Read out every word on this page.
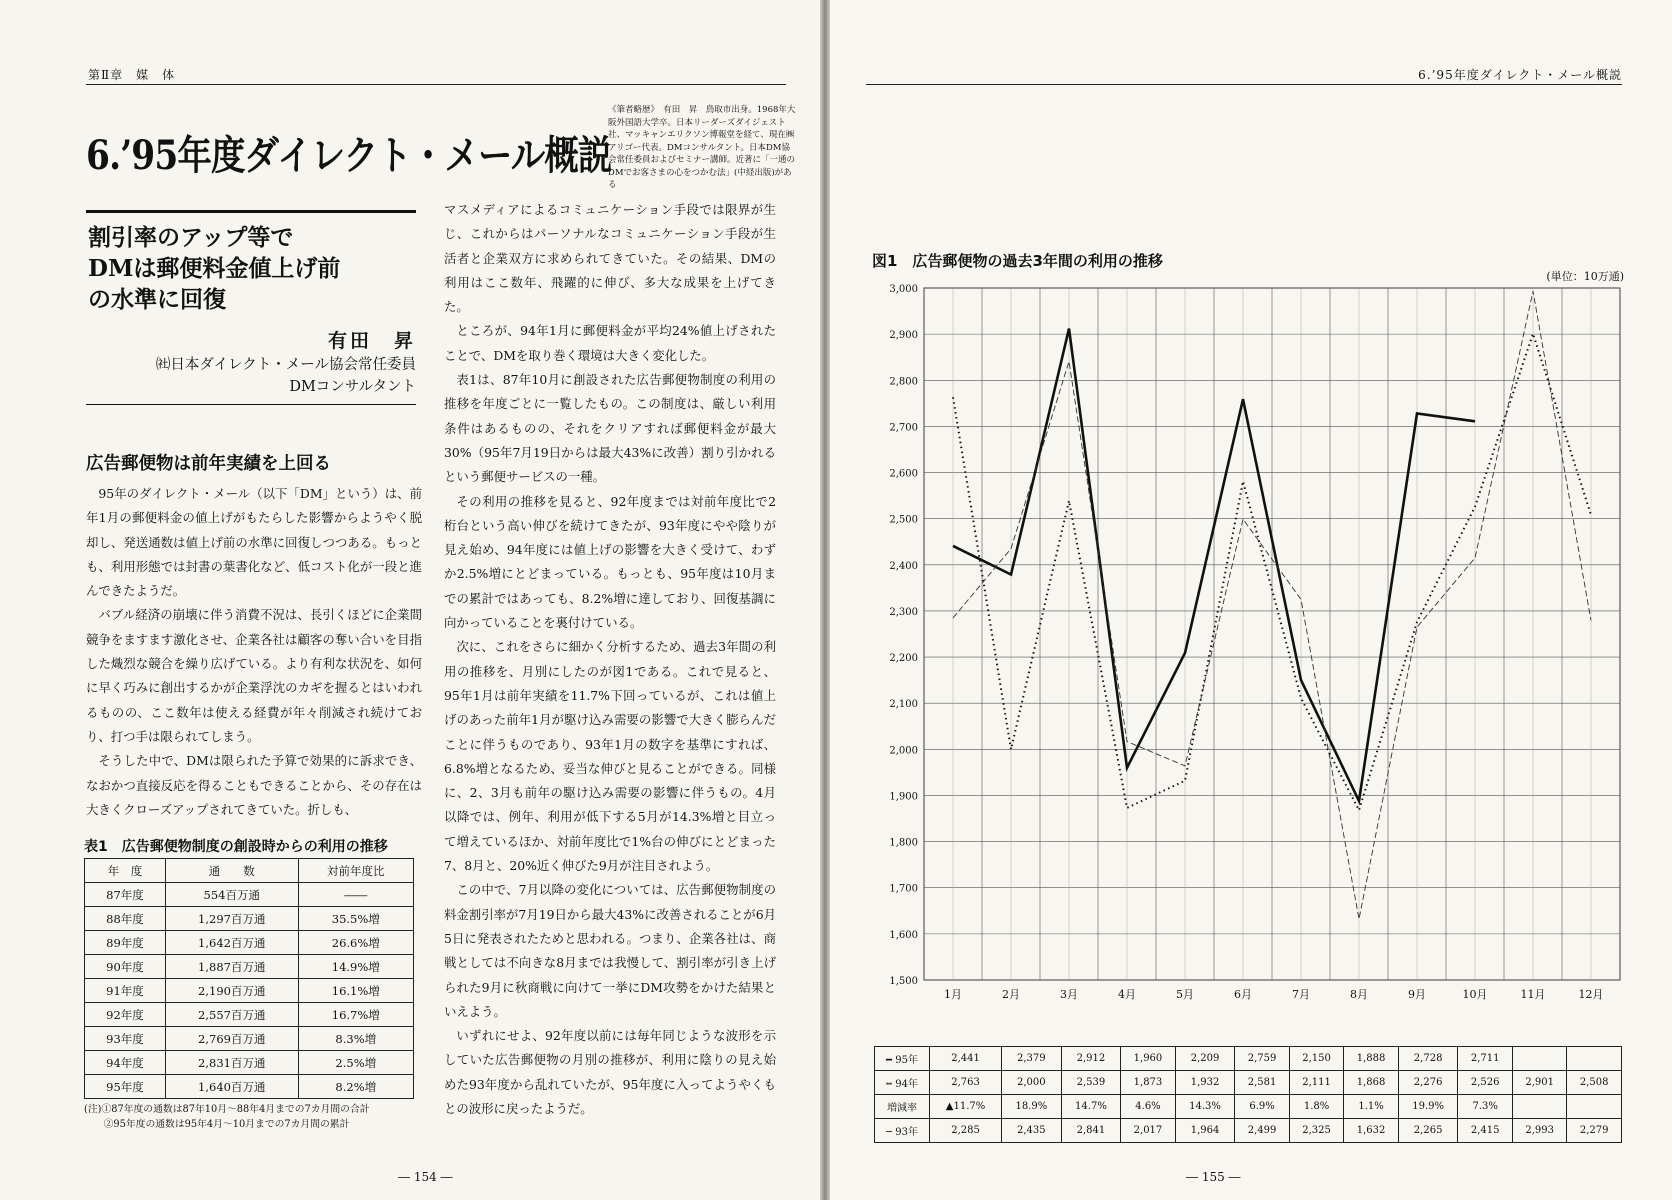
第Ⅱ章　媒　体
6.’95年度ダイレクト・メール概説
《筆者略歴》　有田　昇　鳥取市出身。1968年大阪外国語大学卒。日本リーダーズダイジェスト社、マッキャンエリクソン博報堂を経て、現在㈱アリゴー代表。DMコンサルタント。日本DM協会常任委員およびセミナー講師。近著に「一通のDMでお客さまの心をつかむ法」(中経出版)がある
割引率のアップ等で
DMは郵便料金値上げ前
の水準に回復
有田　昇
㈳日本ダイレクト・メール協会常任委員
DMコンサルタント
広告郵便物は前年実績を上回る

95年のダイレクト・メール（以下「DM」という）は、前年1月の郵便料金の値上げがもたらした影響からようやく脱却し、発送通数は値上げ前の水準に回復しつつある。もっとも、利用形態では封書の葉書化など、低コスト化が一段と進んできたようだ。

バブル経済の崩壊に伴う消費不況は、長引くほどに企業間競争をますます激化させ、企業各社は顧客の奪い合いを目指した熾烈な競合を繰り広げている。より有利な状況を、如何に早く巧みに創出するかが企業浮沈のカギを握るとはいわれるものの、ここ数年は使える経費が年々削減され続けており、打つ手は限られてしまう。

そうした中で、DMは限られた予算で効果的に訴求でき、なおかつ直接反応を得ることもできることから、その存在は大きくクローズアップされてきていた。折しも、

表1　広告郵便物制度の創設時からの利用の推移
年　度	通　　数	対前年度比
87年度	554百万通	――
88年度	1,297百万通	35.5%増
89年度	1,642百万通	26.6%増
90年度	1,887百万通	14.9%増
91年度	2,190百万通	16.1%増
92年度	2,557百万通	16.7%増
93年度	2,769百万通	8.3%増
94年度	2,831百万通	2.5%増
95年度	1,640百万通	8.2%増
(注)①87年度の通数は87年10月～88年4月までの7カ月間の合計
②95年度の通数は95年4月～10月までの7カ月間の累計

マスメディアによるコミュニケーション手段では限界が生じ、これからはパーソナルなコミュニケーション手段が生活者と企業双方に求められてきていた。その結果、DMの利用はここ数年、飛躍的に伸び、多大な成果を上げてきた。

ところが、94年1月に郵便料金が平均24%値上げされたことで、DMを取り巻く環境は大きく変化した。

表1は、87年10月に創設された広告郵便物制度の利用の推移を年度ごとに一覧したもの。この制度は、厳しい利用条件はあるものの、それをクリアすれば郵便料金が最大30%（95年7月19日からは最大43%に改善）割り引かれるという郵便サービスの一種。

その利用の推移を見ると、92年度までは対前年度比で2桁台という高い伸びを続けてきたが、93年度にやや陰りが見え始め、94年度には値上げの影響を大きく受けて、わずか2.5%増にとどまっている。もっとも、95年度は10月までの累計ではあっても、8.2%増に達しており、回復基調に向かっていることを裏付けている。

次に、これをさらに細かく分析するため、過去3年間の利用の推移を、月別にしたのが図1である。これで見ると、95年1月は前年実績を11.7%下回っているが、これは値上げのあった前年1月が駆け込み需要の影響で大きく膨らんだことに伴うものであり、93年1月の数字を基準にすれば、6.8%増となるため、妥当な伸びと見ることができる。同様に、2、3月も前年の駆け込み需要の影響に伴うもの。4月以降では、例年、利用が低下する5月が14.3%増と目立って増えているほか、対前年度比で1%台の伸びにとどまった7、8月と、20%近く伸びた9月が注目されよう。

この中で、7月以降の変化については、広告郵便物制度の料金割引率が7月19日から最大43%に改善されることが6月5日に発表されたためと思われる。つまり、企業各社は、商戦としては不向きな8月までは我慢して、割引率が引き上げられた9月に秋商戦に向けて一挙にDM攻勢をかけた結果といえよう。

いずれにせよ、92年度以前には毎年同じような波形を示していた広告郵便物の月別の推移が、利用に陰りの見え始めた93年度から乱れていたが、95年度に入ってようやくもとの波形に戻ったようだ。

― 154 ―
6.’95年度ダイレクト・メール概説
図1　広告郵便物の過去3年間の利用の推移
(単位：10万通)
3,000
2,900
2,800
2,700
2,600
2,500
2,400
2,300
2,200
2,100
2,000
1,900
1,800
1,700
1,600
1,500
1月	2月	3月	4月	5月	6月	7月	8月	9月	10月	11月	12月
━ 95年	2,441	2,379	2,912	1,960	2,209	2,759	2,150	1,888	2,728	2,711		
┅ 94年	2,763	2,000	2,539	1,873	1,932	2,581	2,111	1,868	2,276	2,526	2,901	2,508
増減率	▲11.7%	18.9%	14.7%	4.6%	14.3%	6.9%	1.8%	1.1%	19.9%	7.3%		
─ 93年	2,285	2,435	2,841	2,017	1,964	2,499	2,325	1,632	2,265	2,415	2,993	2,279
― 155 ―
